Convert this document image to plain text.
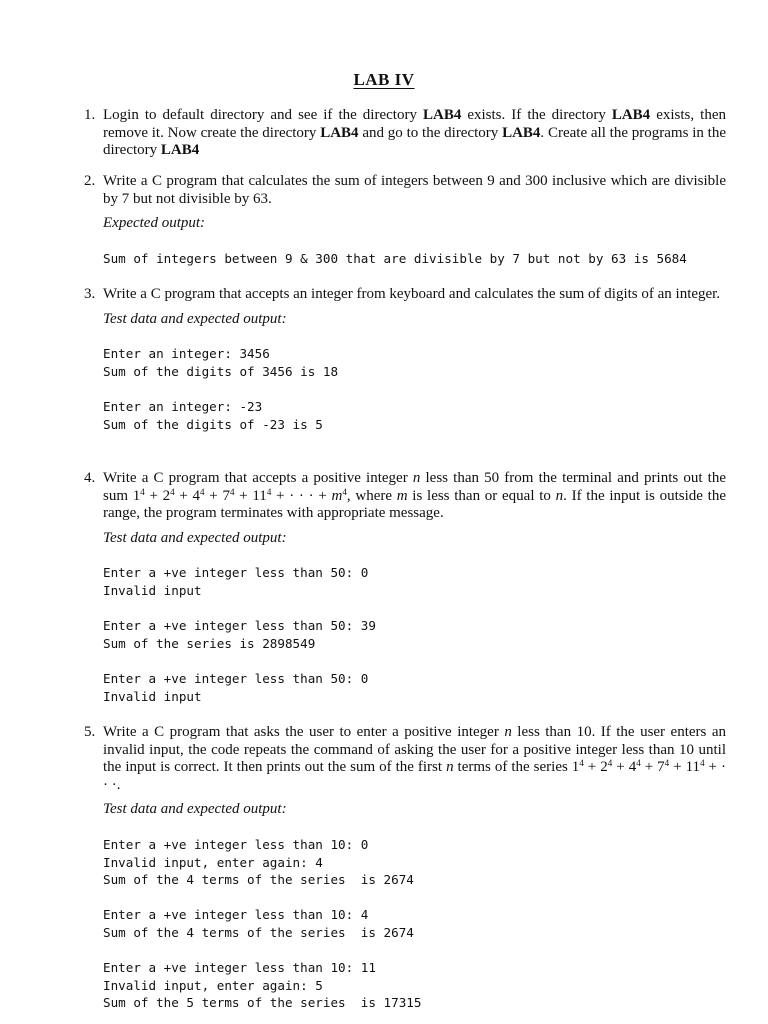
LAB IV
1. Login to default directory and see if the directory LAB4 exists. If the directory LAB4 exists, then remove it. Now create the directory LAB4 and go to the directory LAB4. Create all the programs in the directory LAB4
2. Write a C program that calculates the sum of integers between 9 and 300 inclusive which are divisible by 7 but not divisible by 63.
Expected output:
Sum of integers between 9 & 300 that are divisible by 7 but not by 63 is 5684
3. Write a C program that accepts an integer from keyboard and calculates the sum of digits of an integer.
Test data and expected output:
Enter an integer: 3456
Sum of the digits of 3456 is 18
Enter an integer: -23
Sum of the digits of -23 is 5
4. Write a C program that accepts a positive integer n less than 50 from the terminal and prints out the sum $1^4 + 2^4 + 4^4 + 7^4 + 11^4$ + · · · + $m^4$, where m is less than or equal to n. If the input is outside the range, the program terminates with appropriate message.
Test data and expected output:
Enter a +ve integer less than 50: 0
Invalid input
Enter a +ve integer less than 50: 39
Sum of the series is 2898549
Enter a +ve integer less than 50: 0
Invalid input
5. Write a C program that asks the user to enter a positive integer n less than 10. If the user enters an invalid input, the code repeats the command of asking the user for a positive integer less than 10 until the input is correct. It then prints out the sum of the first n terms of the series $1^4 + 2^4 + 4^4 + 7^4 + 11^4$ + · · ·.
Test data and expected output:
Enter a +ve integer less than 10: 0
Invalid input, enter again: 4
Sum of the 4 terms of the series  is 2674
Enter a +ve integer less than 10: 4
Sum of the 4 terms of the series  is 2674
Enter a +ve integer less than 10: 11
Invalid input, enter again: 5
Sum of the 5 terms of the series  is 17315
